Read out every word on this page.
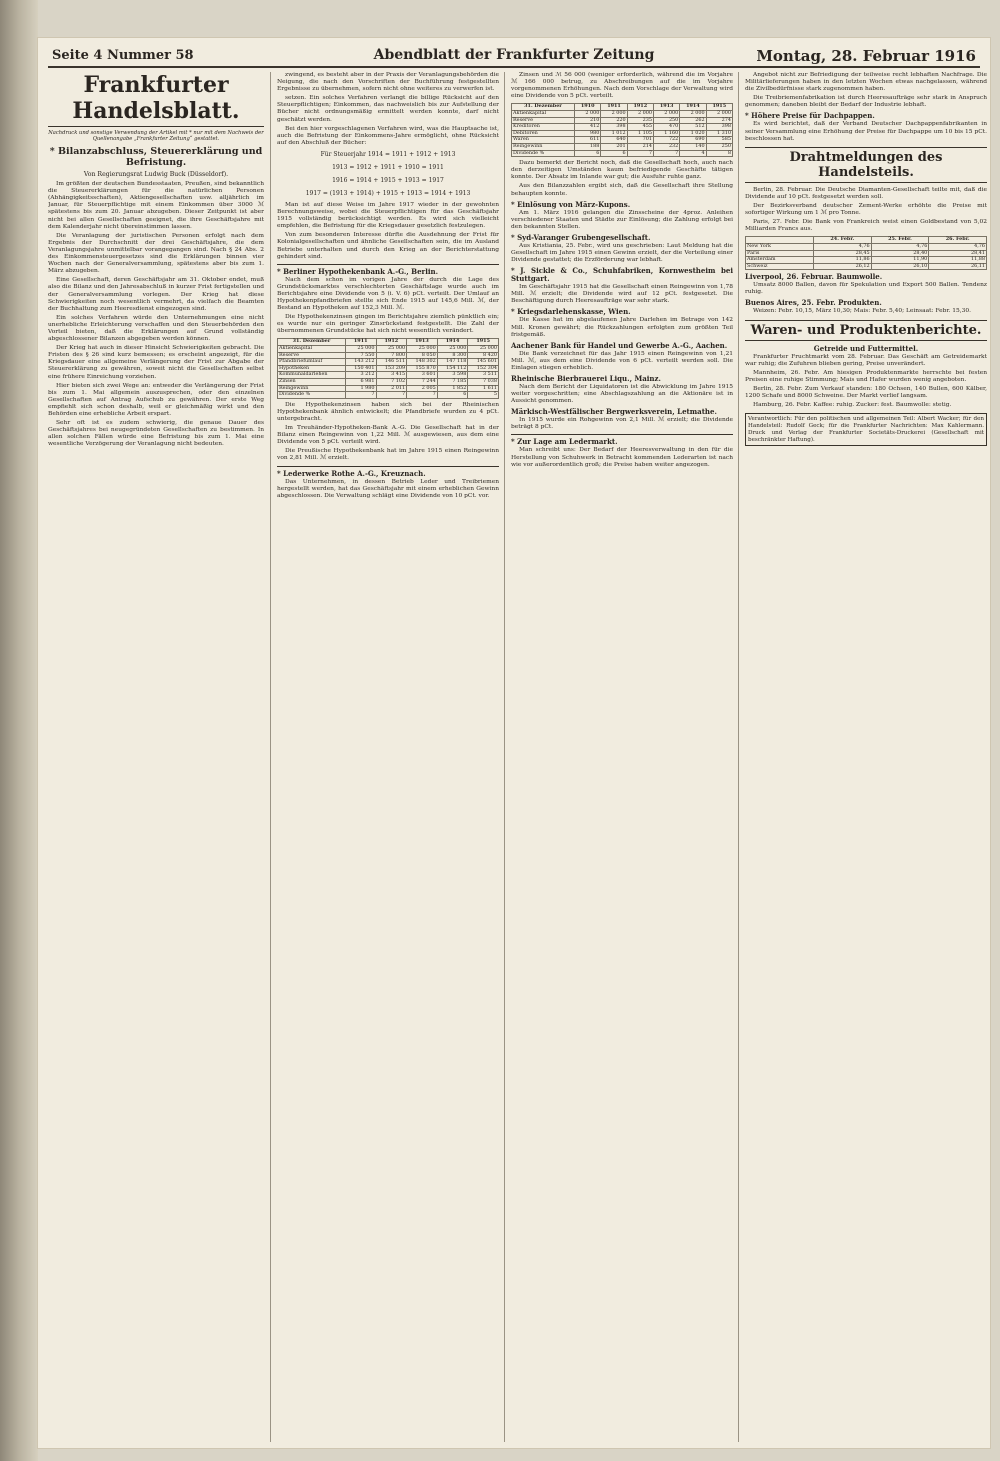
Seite 4 Nummer 58	Abendblatt der Frankfurter Zeitung	Montag, 28. Februar 1916
Frankfurter Handelsblatt.
Nachdruck und sonstige Verwendung der Artikel mit * nur mit dem Nachweis der Quellenangabe „Frankfurter Zeitung“ gestattet.
* Bilanzabschluss, Steuererklärung und Befristung.
Von Regierungsrat Ludwig Buck (Düsseldorf).

Im größten der deutschen Bundesstaaten, Preußen, sind bekanntlich die Steuererklärungen für die natürlichen Personen (Abhängigkeitsschaften), Aktiengesellschaften usw. alljährlich im Januar, für Steuerpflichtige mit einem Einkommen über 3000 ℳ spätestens bis zum 20. Januar abzugeben. Dieser Zeitpunkt ist aber nicht bei allen Gesellschaften geeignet, die ihre Geschäftsjahre mit dem Kalenderjahr nicht übereinstimmen lassen.

Die Veranlagung der juristischen Personen erfolgt nach dem Ergebnis der Durchschnitt der drei Geschäftsjahre, die dem Veranlagungsjahre unmittelbar vorangegangen sind. Nach § 24 Abs. 2 des Einkommensteuergesetzes sind die Erklärungen binnen vier Wochen nach der Generalversammlung, spätestens aber bis zum 1. März abzugeben.

Eine Gesellschaft, deren Geschäftsjahr am 31. Oktober endet, muß also die Bilanz und den Jahresabschluß in kurzer Frist fertigstellen und der Generalversammlung vorlegen. Der Krieg hat diese Schwierigkeiten noch wesentlich vermehrt, da vielfach die Beamten der Buchhaltung zum Heeresdienst eingezogen sind.

Ein solches Verfahren würde den Unternehmungen eine nicht unerhebliche Erleichterung verschaffen und den Steuerbehörden den Vorteil bieten, daß die Erklärungen auf Grund vollständig abgeschlossener Bilanzen abgegeben werden können.

Der Krieg hat auch in dieser Hinsicht Schwierigkeiten gebracht. Die Fristen des § 26 sind kurz bemessen; es erscheint angezeigt, für die Kriegsdauer eine allgemeine Verlängerung der Frist zur Abgabe der Steuererklärung zu gewähren, soweit nicht die Gesellschaften selbst eine frühere Einreichung vorziehen.

Hier bieten sich zwei Wege an: entweder die Verlängerung der Frist bis zum 1. Mai allgemein auszusprechen, oder den einzelnen Gesellschaften auf Antrag Aufschub zu gewähren. Der erste Weg empfiehlt sich schon deshalb, weil er gleichmäßig wirkt und den Behörden eine erhebliche Arbeit erspart.

Sehr oft ist es zudem schwierig, die genaue Dauer des Geschäftsjahres bei neugegründeten Gesellschaften zu bestimmen. In allen solchen Fällen würde eine Befristung bis zum 1. Mai eine wesentliche Verzögerung der Veranlagung nicht bedeuten.

zwingend, es besteht aber in der Praxis der Veranlagungsbehörden die Neigung, die nach den Vorschriften der Buchführung festgestellten Ergebnisse zu übernehmen, sofern nicht ohne weiteres zu verwerfen ist.

setzen. Ein solches Verfahren verlangt die billige Rücksicht auf den Steuerpflichtigen; Einkommen, das nachweislich bis zur Aufstellung der Bücher nicht ordnungsmäßig ermittelt werden konnte, darf nicht geschätzt werden.

Bei den hier vorgeschlagenen Verfahren wird, was die Hauptsache ist, auch die Befristung der Einkommens-Jahre ermöglicht, ohne Rücksicht auf den Abschluß der Bücher:

Für Steuerjahr 1914 = 1911 + 1912 + 1913
1913 = 1912 + 1911 + 1910 = 1911
1916 = 1914 + 1915 + 1913 = 1917
1917 = (1913 + 1914) + 1915 + 1913 = 1914 + 1913

Man ist auf diese Weise im Jahre 1917 wieder in der gewohnten Berechnungsweise, wobei die Steuerpflichtigen für das Geschäftsjahr 1915 vollständig berücksichtigt werden. Es wird sich vielleicht empfehlen, die Befristung für die Kriegsdauer gesetzlich festzulegen.

Von zum besonderen Interesse dürfte die Ausdehnung der Frist für Kolonialgesellschaften und ähnliche Gesellschaften sein, die im Ausland Betriebe unterhalten und durch den Krieg an der Berichterstattung gehindert sind.

* Berliner Hypothekenbank A.-G., Berlin.

Nach dem schon im vorigen Jahre der durch die Lage des Grundstücksmarktes verschlechterten Geschäftslage wurde auch im Berichtsjahre eine Dividende von 5 (i. V. 6) pCt. verteilt. Der Umlauf an Hypothekenpfandbriefen stellte sich Ende 1915 auf 145,6 Mill. ℳ, der Bestand an Hypotheken auf 152,3 Mill. ℳ.

Die Hypothekenzinsen gingen im Berichtsjahre ziemlich pünktlich ein; es wurde nur ein geringer Zinsrückstand festgestellt. Die Zahl der übernommenen Grundstücke hat sich nicht wesentlich verändert.

31. Dezember	1911	1912	1913	1914	1915
Aktienkapital	25 000	25 000	25 000	25 000	25 000
Reserve	7 550	7 800	8 050	8 300	8 420
Pfandbriefumlauf	143 212	146 511	148 302	147 118	145 601
Hypotheken	150 401	153 209	155 870	154 112	152 304
Kommunaldarlehen	3 212	3 415	3 601	3 598	3 511
Zinsen	6 981	7 102	7 244	7 185	7 038
Reingewinn	1 980	2 011	2 005	1 852	1 611
Dividende %	7	7	7	6	5

Die Hypothekenzinsen haben sich bei der Rheinischen Hypothekenbank ähnlich entwickelt; die Pfandbriefe wurden zu 4 pCt. untergebracht.

Im Treuhänder-Hypotheken-Bank A.-G. Die Gesellschaft hat in der Bilanz einen Reingewinn von 1,22 Mill. ℳ ausgewiesen, aus dem eine Dividende von 5 pCt. verteilt wird.

Die Preußische Hypothekenbank hat im Jahre 1915 einen Reingewinn von 2,81 Mill. ℳ erzielt.

* Lederwerke Rothe A.-G., Kreuznach.

Das Unternehmen, in dessen Betrieb Leder und Treibriemen hergestellt werden, hat das Geschäftsjahr mit einem erheblichen Gewinn abgeschlossen. Die Verwaltung schlägt eine Dividende von 10 pCt. vor.

Zinsen und ℳ 56 000 (weniger erforderlich, während die im Vorjahre ℳ 166 000 betrug, zu Abschreibungen auf die im Vorjahre vorgenommenen Erhöhungen. Nach dem Vorschlage der Verwaltung wird eine Dividende von 5 pCt. verteilt.

31. Dezember	1910	1911	1912	1913	1914	1915
Aktienkapital	2 000	2 000	2 000	2 000	2 000	2 000
Reserve	210	220	235	250	262	274
Kreditoren	412	398	455	470	512	398
Debitoren	980	1 012	1 105	1 160	1 020	1 310
Waren	611	640	701	722	690	585
Reingewinn	188	201	214	232	140	250
Dividende %	6	6	7	7	4	8

Dazu bemerkt der Bericht noch, daß die Gesellschaft hoch, auch nach den derzeitigen Umständen kaum befriedigende Geschäfte tätigen konnte. Der Absatz im Inlande war gut; die Ausfuhr ruhte ganz.

Aus den Bilanzzahlen ergibt sich, daß die Gesellschaft ihre Stellung behaupten konnte.

* Einlösung von März-Kupons.

Am 1. März 1916 gelangen die Zinsscheine der 4proz. Anleihen verschiedener Staaten und Städte zur Einlösung; die Zahlung erfolgt bei den bekannten Stellen.

* Syd-Varanger Grubengesellschaft.

Aus Kristiania, 25. Febr., wird uns geschrieben: Laut Meldung hat die Gesellschaft im Jahre 1915 einen Gewinn erzielt, der die Verteilung einer Dividende gestattet; die Erzförderung war lebhaft.

* J. Sickle & Co., Schuhfabriken, Kornwestheim bei Stuttgart.

Im Geschäftsjahr 1915 hat die Gesellschaft einen Reingewinn von 1,78 Mill. ℳ erzielt; die Dividende wird auf 12 pCt. festgesetzt. Die Beschäftigung durch Heeresaufträge war sehr stark.

* Kriegsdarlehenskasse, Wien.

Die Kasse hat im abgelaufenen Jahre Darlehen im Betrage von 142 Mill. Kronen gewährt; die Rückzahlungen erfolgten zum größten Teil fristgemäß.

Aachener Bank für Handel und Gewerbe A.-G., Aachen.

Die Bank verzeichnet für das Jahr 1915 einen Reingewinn von 1,21 Mill. ℳ, aus dem eine Dividende von 6 pCt. verteilt werden soll. Die Einlagen stiegen erheblich.

Rheinische Bierbrauerei Liqu., Mainz.

Nach dem Bericht der Liquidatoren ist die Abwicklung im Jahre 1915 weiter vorgeschritten; eine Abschlagszahlung an die Aktionäre ist in Aussicht genommen.

Märkisch-Westfälischer Bergwerksverein, Letmathe.

In 1915 wurde ein Rohgewinn von 2,1 Mill. ℳ erzielt; die Dividende beträgt 8 pCt.

* Zur Lage am Ledermarkt.

Man schreibt uns: Der Bedarf der Heeresverwaltung in den für die Herstellung von Schuhwerk in Betracht kommenden Lederarten ist nach wie vor außerordentlich groß; die Preise haben weiter angezogen.

Angebot nicht zur Befriedigung der teilweise recht lebhaften Nachfrage. Die Militärlieferungen haben in den letzten Wochen etwas nachgelassen, während die Zivilbedürfnisse stark zugenommen haben.

Die Treibriemenfabrikation ist durch Heeresaufträge sehr stark in Anspruch genommen; daneben bleibt der Bedarf der Industrie lebhaft.

* Höhere Preise für Dachpappen.

Es wird berichtet, daß der Verband Deutscher Dachpappenfabrikanten in seiner Versammlung eine Erhöhung der Preise für Dachpappe um 10 bis 15 pCt. beschlossen hat.

Drahtmeldungen des Handelsteils.

Berlin, 28. Februar. Die Deutsche Diamanten-Gesellschaft teilte mit, daß die Dividende auf 10 pCt. festgesetzt werden soll.

Der Bezirksverband deutscher Zement-Werke erhöhte die Preise mit sofortiger Wirkung um 1 ℳ pro Tonne.

Paris, 27. Febr. Die Bank von Frankreich weist einen Goldbestand von 5,02 Milliarden Francs aus.

	24. Febr.	25. Febr.	26. Febr.
New York	4,76	4,76	4,76
Paris	28,45	28,40	28,41
Amsterdam	11,86	11,90	11,88
Schweiz	26,12	26,10	26,11
Liverpool, 26. Februar. Baumwolle.

Umsatz 8000 Ballen, davon für Spekulation und Export 500 Ballen. Tendenz ruhig.

Buenos Aires, 25. Febr. Produkten.

Weizen: Febr. 10,15, März 10,30; Mais: Febr. 5,40; Leinsaat: Febr. 15,30.

Waren- und Produktenberichte.
Getreide und Futtermittel.

Frankfurter Fruchtmarkt vom 28. Februar. Das Geschäft am Getreidemarkt war ruhig; die Zufuhren blieben gering, Preise unverändert.

Mannheim, 26. Febr. Am hiesigen Produktenmarkte herrschte bei festen Preisen eine ruhige Stimmung; Mais und Hafer wurden wenig angeboten.

Berlin, 28. Febr. Zum Verkauf standen: 180 Ochsen, 140 Bullen, 600 Kälber, 1200 Schafe und 8000 Schweine. Der Markt verlief langsam.

Hamburg, 26. Febr. Kaffee: ruhig. Zucker: fest. Baumwolle: stetig.

Verantwortlich: Für den politischen und allgemeinen Teil: Albert Wacker; für den Handelsteil: Rudolf Geck; für die Frankfurter Nachrichten: Max Kahlermann. Druck und Verlag der Frankfurter Societäts-Druckerei (Gesellschaft mit beschränkter Haftung).
